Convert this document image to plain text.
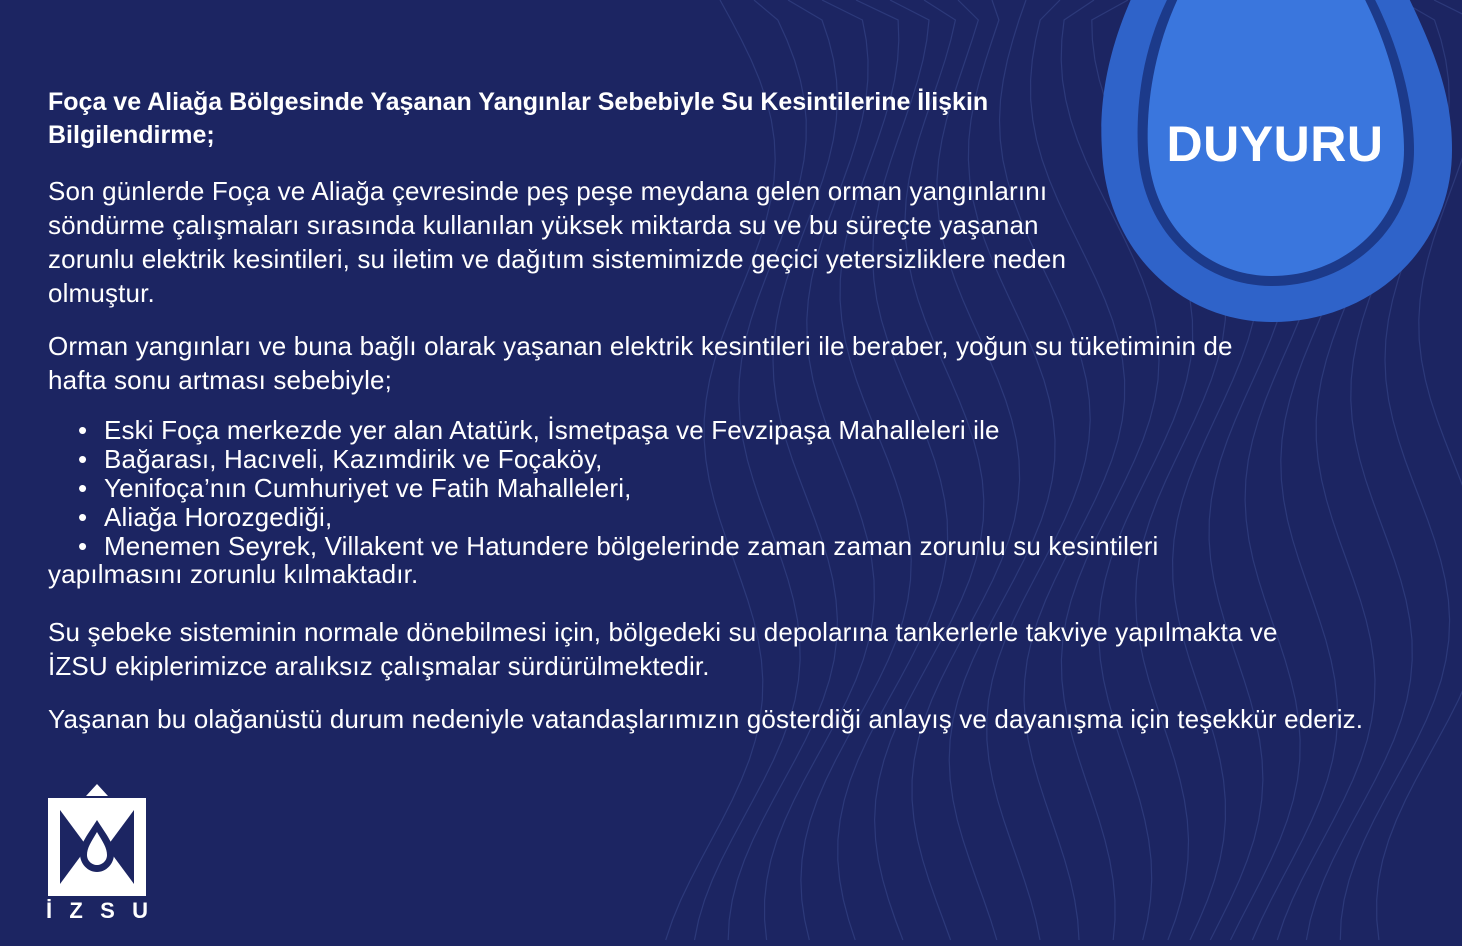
DUYURU
Foça ve Aliağa Bölgesinde Yaşanan Yangınlar Sebebiyle Su Kesintilerine İlişkin Bilgilendirme;

Son günlerde Foça ve Aliağa çevresinde peş peşe meydana gelen orman yangınlarını söndürme çalışmaları sırasında kullanılan yüksek miktarda su ve bu süreçte yaşanan zorunlu elektrik kesintileri, su iletim ve dağıtım sistemimizde geçici yetersizliklere neden olmuştur.

Orman yangınları ve buna bağlı olarak yaşanan elektrik kesintileri ile beraber, yoğun su tüketiminin de hafta sonu artması sebebiyle;

• Eski Foça merkezde yer alan Atatürk, İsmetpaşa ve Fevzipaşa Mahalleleri ile
• Bağarası, Hacıveli, Kazımdirik ve Foçaköy,
• Yenifoça’nın Cumhuriyet ve Fatih Mahalleleri,
• Aliağa Horozgediği,
• Menemen Seyrek, Villakent ve Hatundere bölgelerinde zaman zaman zorunlu su kesintileri

yapılmasını zorunlu kılmaktadır.

Su şebeke sisteminin normale dönebilmesi için, bölgedeki su depolarına tankerlerle takviye yapılmakta ve İZSU ekiplerimizce aralıksız çalışmalar sürdürülmektedir.

Yaşanan bu olağanüstü durum nedeniyle vatandaşlarımızın gösterdiği anlayış ve dayanışma için teşekkür ederiz.

İ Z S U
